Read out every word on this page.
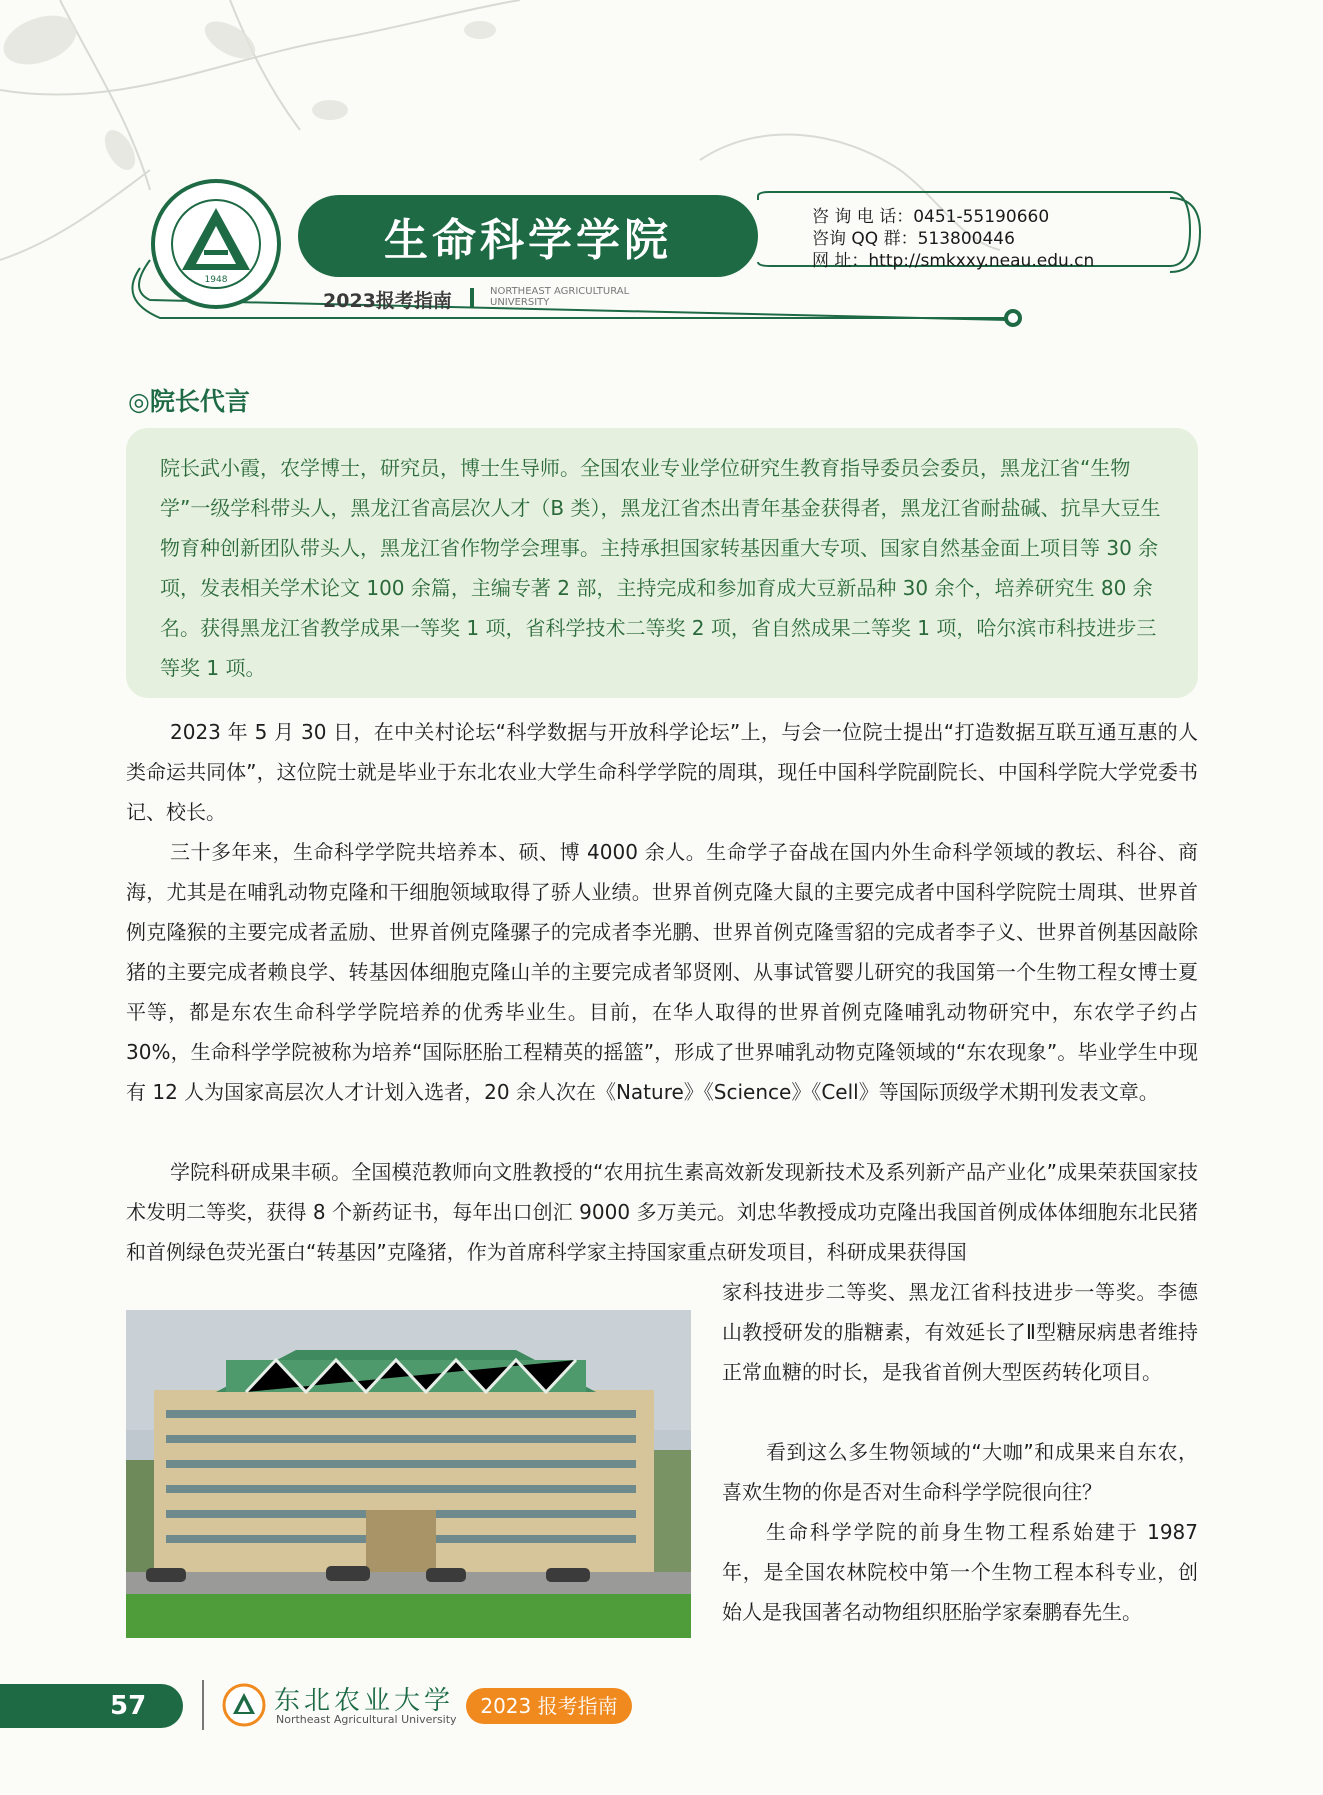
1948
生命科学学院	咨 询 电 话：0451-55190660
咨询 QQ 群：513800446
网 址：http://smkxxy.neau.edu.cn
2023报考指南	NORTHEAST AGRICULTURAL
UNIVERSITY
◎院长代言
院长武小霞，农学博士，研究员，博士生导师。全国农业专业学位研究生教育指导委员会委员，黑龙江省“生物学”一级学科带头人，黑龙江省高层次人才（B 类），黑龙江省杰出青年基金获得者，黑龙江省耐盐碱、抗旱大豆生物育种创新团队带头人，黑龙江省作物学会理事。主持承担国家转基因重大专项、国家自然基金面上项目等 30 余项，发表相关学术论文 100 余篇，主编专著 2 部，主持完成和参加育成大豆新品种 30 余个，培养研究生 80 余名。获得黑龙江省教学成果一等奖 1 项，省科学技术二等奖 2 项，省自然成果二等奖 1 项，哈尔滨市科技进步三等奖 1 项。
2023 年 5 月 30 日，在中关村论坛“科学数据与开放科学论坛”上，与会一位院士提出“打造数据互联互通互惠的人类命运共同体”，这位院士就是毕业于东北农业大学生命科学学院的周琪，现任中国科学院副院长、中国科学院大学党委书记、校长。
三十多年来，生命科学学院共培养本、硕、博 4000 余人。生命学子奋战在国内外生命科学领域的教坛、科谷、商海，尤其是在哺乳动物克隆和干细胞领域取得了骄人业绩。世界首例克隆大鼠的主要完成者中国科学院院士周琪、世界首例克隆猴的主要完成者孟励、世界首例克隆骡子的完成者李光鹏、世界首例克隆雪貂的完成者李子义、世界首例基因敲除猪的主要完成者赖良学、转基因体细胞克隆山羊的主要完成者邹贤刚、从事试管婴儿研究的我国第一个生物工程女博士夏平等，都是东农生命科学学院培养的优秀毕业生。目前，在华人取得的世界首例克隆哺乳动物研究中，东农学子约占 30%，生命科学学院被称为培养“国际胚胎工程精英的摇篮”，形成了世界哺乳动物克隆领域的“东农现象”。毕业学生中现有 12 人为国家高层次人才计划入选者，20 余人次在《Nature》《Science》《Cell》等国际顶级学术期刊发表文章。
学院科研成果丰硕。全国模范教师向文胜教授的“农用抗生素高效新发现新技术及系列新产品产业化”成果荣获国家技术发明二等奖，获得 8 个新药证书，每年出口创汇 9000 多万美元。刘忠华教授成功克隆出我国首例成体体细胞东北民猪和首例绿色荧光蛋白“转基因”克隆猪，作为首席科学家主持国家重点研发项目，科研成果获得国
家科技进步二等奖、黑龙江省科技进步一等奖。李德山教授研发的脂糖素，有效延长了Ⅱ型糖尿病患者维持正常血糖的时长，是我省首例大型医药转化项目。
看到这么多生物领域的“大咖”和成果来自东农，喜欢生物的你是否对生命科学学院很向往？
生命科学学院的前身生物工程系始建于 1987 年，是全国农林院校中第一个生物工程本科专业，创始人是我国著名动物组织胚胎学家秦鹏春先生。
57	东北农业大学
Northeast Agricultural University
2023 报考指南
